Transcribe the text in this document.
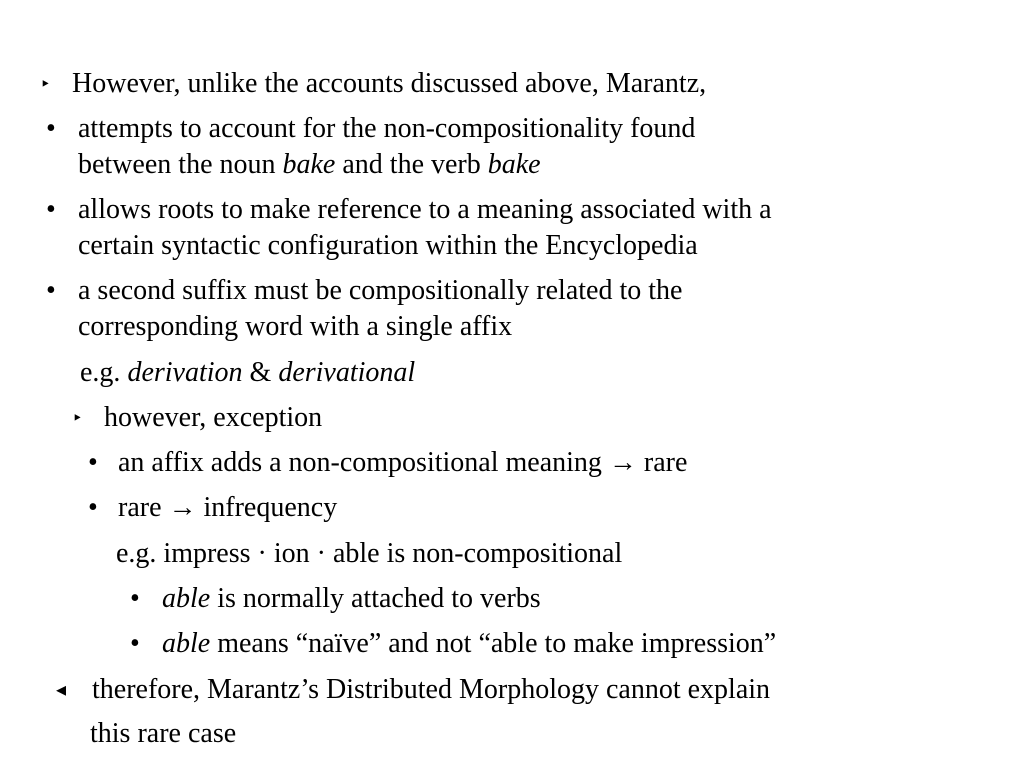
‣ However, unlike the accounts discussed above, Marantz,
• attempts to account for the non-compositionality found
between the noun bake and the verb bake
• allows roots to make reference to a meaning associated with a
certain syntactic configuration within the Encyclopedia
• a second suffix must be compositionally related to the
corresponding word with a single affix
e.g. derivation & derivational
‣ however, exception
• an affix adds a non-compositional meaning → rare
• rare → infrequency
e.g. impress · ion · able is non-compositional
• able is normally attached to verbs
• able means “naïve” and not “able to make impression”
◂ therefore, Marantz’s Distributed Morphology cannot explain
this rare case
